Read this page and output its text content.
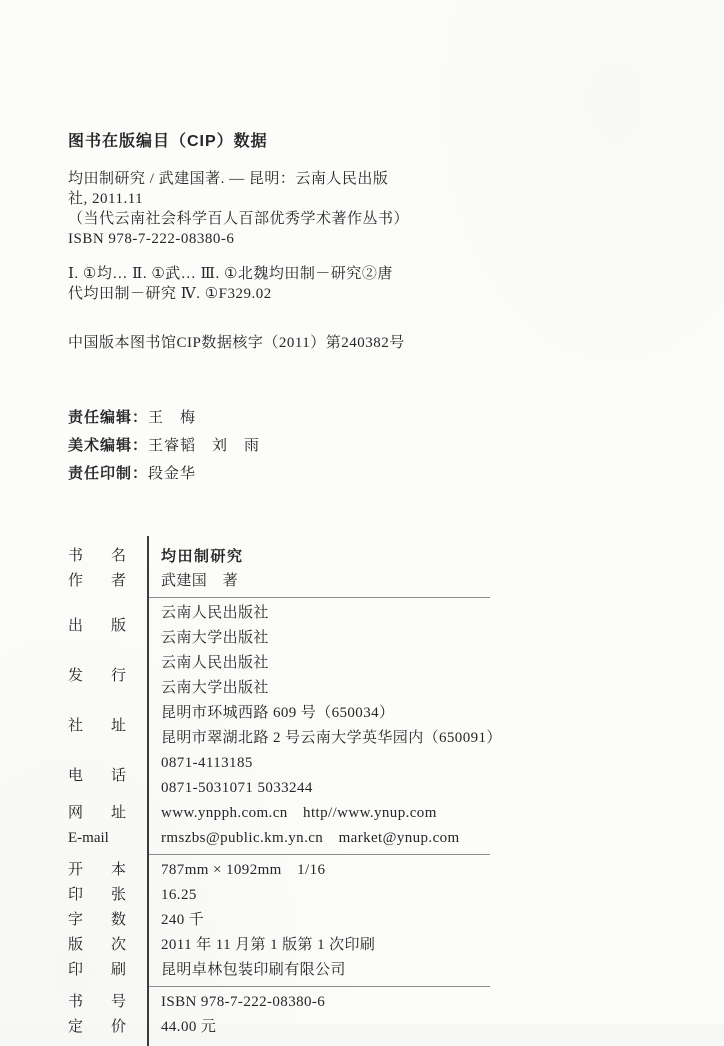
图书在版编目（CIP）数据
均田制研究 / 武建国著. — 昆明：云南人民出版
社, 2011.11
（当代云南社会科学百人百部优秀学术著作丛书）
ISBN 978-7-222-08380-6
Ⅰ. ①均… Ⅱ. ①武… Ⅲ. ①北魏均田制－研究②唐
代均田制－研究 Ⅳ. ①F329.02
中国版本图书馆CIP数据核字（2011）第240382号
责任编辑：王　梅
美术编辑：王睿韬　刘　雨
责任印制：段金华
书名 均田制研究
作者 武建国　著
出版
云南人民出版社
云南大学出版社
发行
云南人民出版社
云南大学出版社
社址
昆明市环城西路 609 号（650034）
昆明市翠湖北路 2 号云南大学英华园内（650091）
电话
0871-4113185
0871-5031071 5033244
网址 www.ynpph.com.cn　http//www.ynup.com
E-mail	rmszbs@public.km.yn.cn　market@ynup.com
开本 787mm × 1092mm　1/16
印张 16.25
字数 240 千
版次 2011 年 11 月第 1 版第 1 次印刷
印刷 昆明卓林包装印刷有限公司
书号 ISBN 978-7-222-08380-6
定价 44.00 元
